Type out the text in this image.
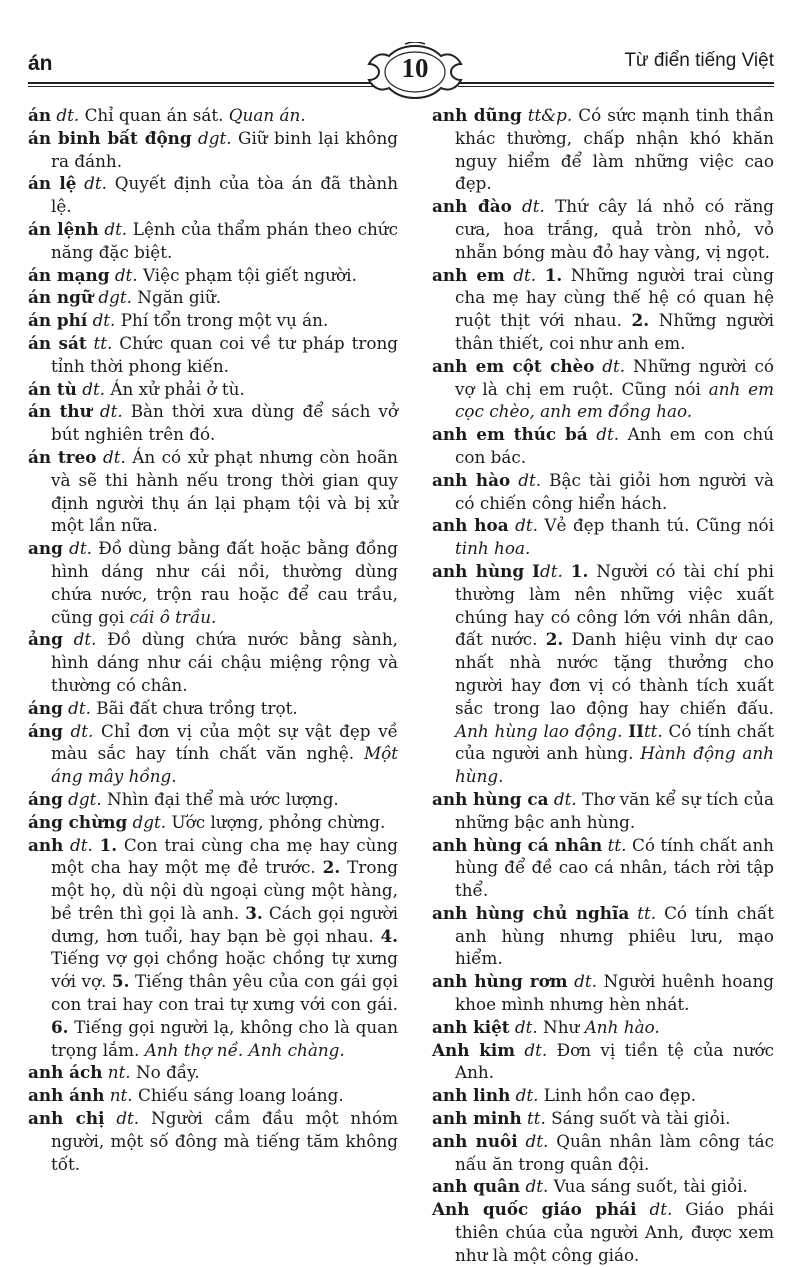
án	10	Từ điển tiếng Việt
án dt. Chỉ quan án sát. Quan án.
án binh bất động dgt. Giữ binh lại không ra đánh.
án lệ dt. Quyết định của tòa án đã thành lệ.
án lệnh dt. Lệnh của thẩm phán theo chức năng đặc biệt.
án mạng dt. Việc phạm tội giết người.
án ngữ dgt. Ngăn giữ.
án phí dt. Phí tổn trong một vụ án.
án sát tt. Chức quan coi về tư pháp trong tỉnh thời phong kiến.
án tù dt. Án xử phải ở tù.
án thư dt. Bàn thời xưa dùng để sách vở bút nghiên trên đó.
án treo dt. Án có xử phạt nhưng còn hoãn và sẽ thi hành nếu trong thời gian quy định người thụ án lại phạm tội và bị xử một lần nữa.
ang dt. Đồ dùng bằng đất hoặc bằng đồng hình dáng như cái nồi, thường dùng chứa nước, trộn rau hoặc để cau trầu, cũng gọi cái ô trầu.
ảng dt. Đồ dùng chứa nước bằng sành, hình dáng như cái chậu miệng rộng và thường có chân.
áng dt. Bãi đất chưa trồng trọt.
áng dt. Chỉ đơn vị của một sự vật đẹp về màu sắc hay tính chất văn nghệ. Một áng mây hồng.
áng dgt. Nhìn đại thể mà ước lượng.
áng chừng dgt. Ước lượng, phỏng chừng.
anh dt. 1. Con trai cùng cha mẹ hay cùng một cha hay một mẹ đẻ trước. 2. Trong một họ, dù nội dù ngoại cùng một hàng, bề trên thì gọi là anh. 3. Cách gọi người dưng, hơn tuổi, hay bạn bè gọi nhau. 4. Tiếng vợ gọi chồng hoặc chồng tự xưng với vợ. 5. Tiếng thân yêu của con gái gọi con trai hay con trai tự xưng với con gái. 6. Tiếng gọi người lạ, không cho là quan trọng lắm. Anh thợ nề. Anh chàng.
anh ách nt. No đầy.
anh ánh nt. Chiếu sáng loang loáng.
anh chị dt. Người cầm đầu một nhóm người, một số đông mà tiếng tăm không tốt.
anh dũng tt&p. Có sức mạnh tinh thần khác thường, chấp nhận khó khăn nguy hiểm để làm những việc cao đẹp.
anh đào dt. Thứ cây lá nhỏ có răng cưa, hoa trắng, quả tròn nhỏ, vỏ nhẵn bóng màu đỏ hay vàng, vị ngọt.
anh em dt. 1. Những người trai cùng cha mẹ hay cùng thế hệ có quan hệ ruột thịt với nhau. 2. Những người thân thiết, coi như anh em.
anh em cột chèo dt. Những người có vợ là chị em ruột. Cũng nói anh em cọc chèo, anh em đồng hao.
anh em thúc bá dt. Anh em con chú con bác.
anh hào dt. Bậc tài giỏi hơn người và có chiến công hiển hách.
anh hoa dt. Vẻ đẹp thanh tú. Cũng nói tinh hoa.
anh hùng Idt. 1. Người có tài chí phi thường làm nên những việc xuất chúng hay có công lớn với nhân dân, đất nước. 2. Danh hiệu vinh dự cao nhất nhà nước tặng thưởng cho người hay đơn vị có thành tích xuất sắc trong lao động hay chiến đấu. Anh hùng lao động. IItt. Có tính chất của người anh hùng. Hành động anh hùng.
anh hùng ca dt. Thơ văn kể sự tích của những bậc anh hùng.
anh hùng cá nhân tt. Có tính chất anh hùng để đề cao cá nhân, tách rời tập thể.
anh hùng chủ nghĩa tt. Có tính chất anh hùng nhưng phiêu lưu, mạo hiểm.
anh hùng rơm dt. Người huênh hoang khoe mình nhưng hèn nhát.
anh kiệt dt. Như Anh hào.
Anh kim dt. Đơn vị tiền tệ của nước Anh.
anh linh dt. Linh hồn cao đẹp.
anh minh tt. Sáng suốt và tài giỏi.
anh nuôi dt. Quân nhân làm công tác nấu ăn trong quân đội.
anh quân dt. Vua sáng suốt, tài giỏi.
Anh quốc giáo phái dt. Giáo phái thiên chúa của người Anh, được xem như là một công giáo.
